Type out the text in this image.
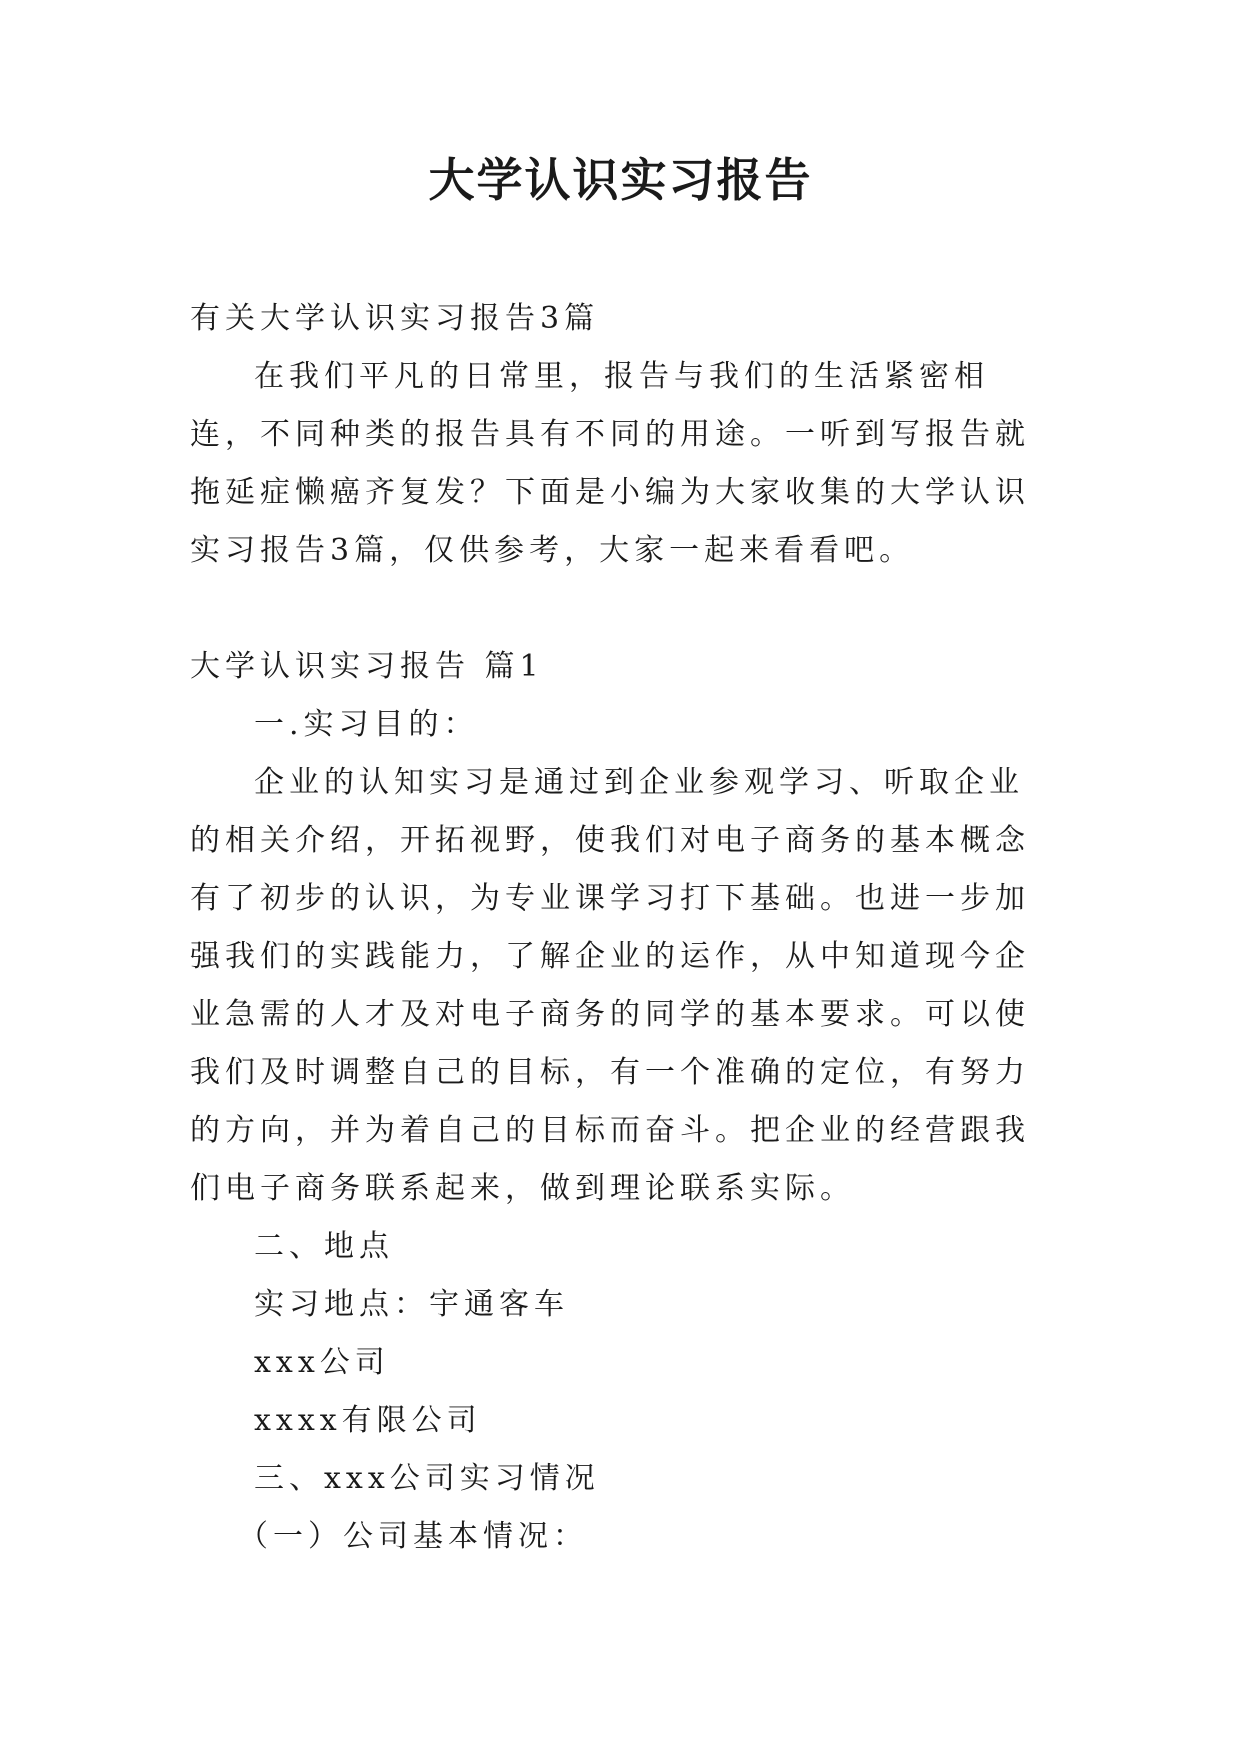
大学认识实习报告

有关大学认识实习报告3篇

在我们平凡的日常里，报告与我们的生活紧密相连，不同种类的报告具有不同的用途。一听到写报告就拖延症懒癌齐复发？下面是小编为大家收集的大学认识实习报告3篇，仅供参考，大家一起来看看吧。

大学认识实习报告 篇1

一.实习目的：

企业的认知实习是通过到企业参观学习、听取企业的相关介绍，开拓视野，使我们对电子商务的基本概念有了初步的认识，为专业课学习打下基础。也进一步加强我们的实践能力，了解企业的运作，从中知道现今企业急需的人才及对电子商务的同学的基本要求。可以使我们及时调整自己的目标，有一个准确的定位，有努力的方向，并为着自己的目标而奋斗。把企业的经营跟我们电子商务联系起来，做到理论联系实际。

二、地点

实习地点：宇通客车

xxx公司

xxxx有限公司

三、xxx公司实习情况

（一）公司基本情况：
